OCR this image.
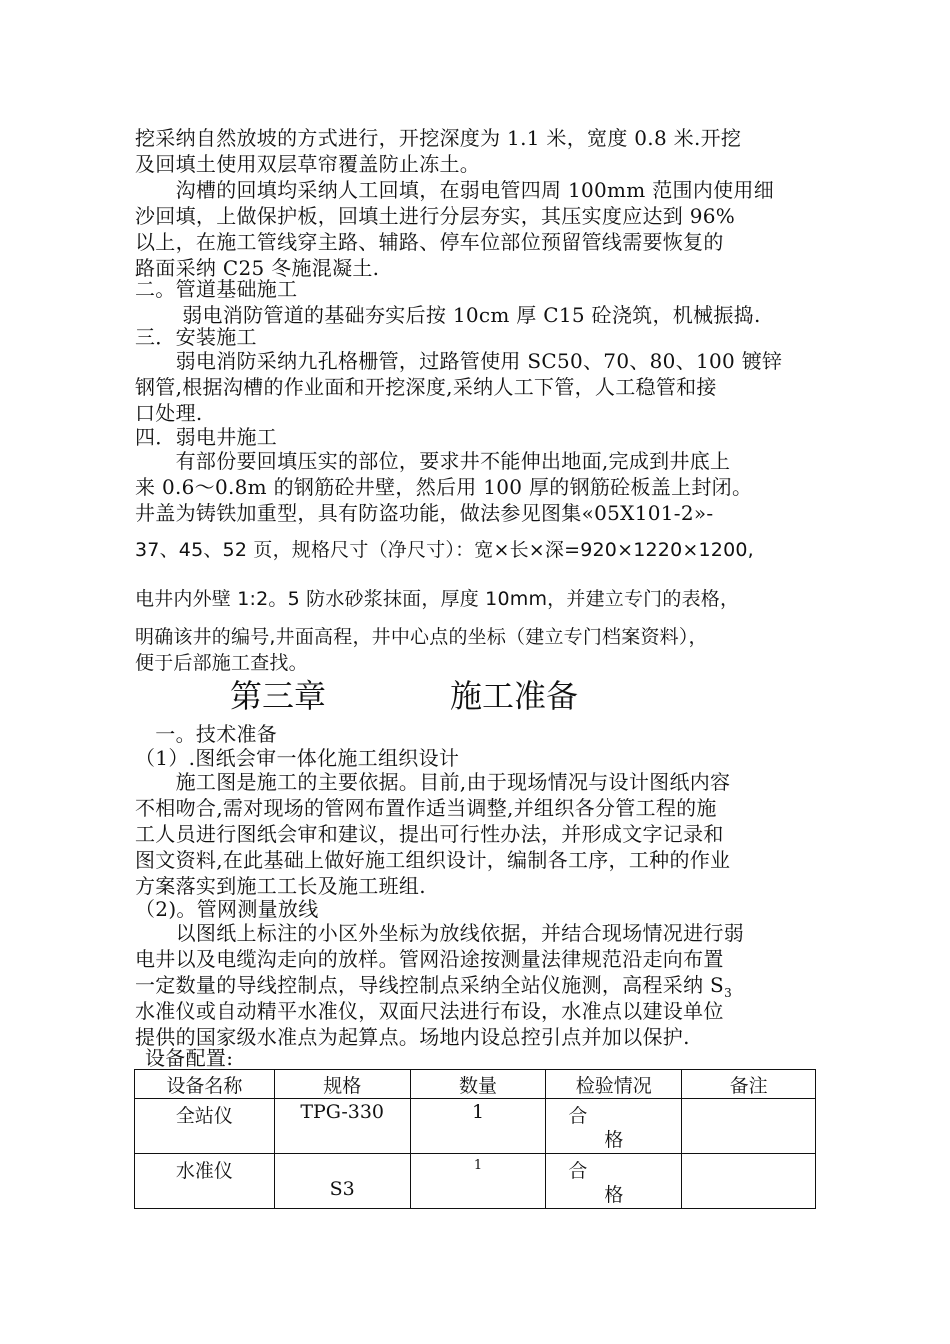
挖采纳自然放坡的方式进行，开挖深度为 1.1 米，宽度 0.8 米.开挖
及回填土使用双层草帘覆盖防止冻土。
　　沟槽的回填均采纳人工回填，在弱电管四周 100mm 范围内使用细
沙回填，上做保护板，回填土进行分层夯实，其压实度应达到 96%
以上，在施工管线穿主路、辅路、停车位部位预留管线需要恢复的
路面采纳 C25 冬施混凝土.
二。管道基础施工
　　 弱电消防管道的基础夯实后按 10cm 厚 C15 砼浇筑，机械振捣.
三．安装施工
　　弱电消防采纳九孔格栅管，过路管使用 SC50、70、80、100 镀锌
钢管,根据沟槽的作业面和开挖深度,采纳人工下管，人工稳管和接
口处理.
四．弱电井施工
　　有部份要回填压实的部位，要求井不能伸出地面,完成到井底上
来 0.6～0.8m 的钢筋砼井壁，然后用 100 厚的钢筋砼板盖上封闭。
井盖为铸铁加重型，具有防盗功能，做法参见图集«05X101-2»-
37、45、52 页，规格尺寸（净尺寸）：宽×长×深=920×1220×1200,
电井内外壁 1:2。5 防水砂浆抹面，厚度 10mm，并建立专门的表格，
明确该井的编号,井面高程，井中心点的坐标（建立专门档案资料），
便于后部施工查找。
第三章	施工准备
　一。技术准备
（1）.图纸会审一体化施工组织设计
　　施工图是施工的主要依据。目前,由于现场情况与设计图纸内容
不相吻合,需对现场的管网布置作适当调整,并组织各分管工程的施
工人员进行图纸会审和建议，提出可行性办法，并形成文字记录和
图文资料,在此基础上做好施工组织设计，编制各工序，工种的作业
方案落实到施工工长及施工班组.
（2)。管网测量放线
　　以图纸上标注的小区外坐标为放线依据，并结合现场情况进行弱
电井以及电缆沟走向的放样。管网沿途按测量法律规范沿走向布置
一定数量的导线控制点，导线控制点采纳全站仪施测，高程采纳 $S_3$
水准仪或自动精平水准仪，双面尺法进行布设，水准点以建设单位
提供的国家级水准点为起算点。场地内设总控引点并加以保护.
设备配置:
设备名称	规格	数量	检验情况	备注

全站仪	TPG-330	1	合
格	

水准仪	S3	1	合
格	
